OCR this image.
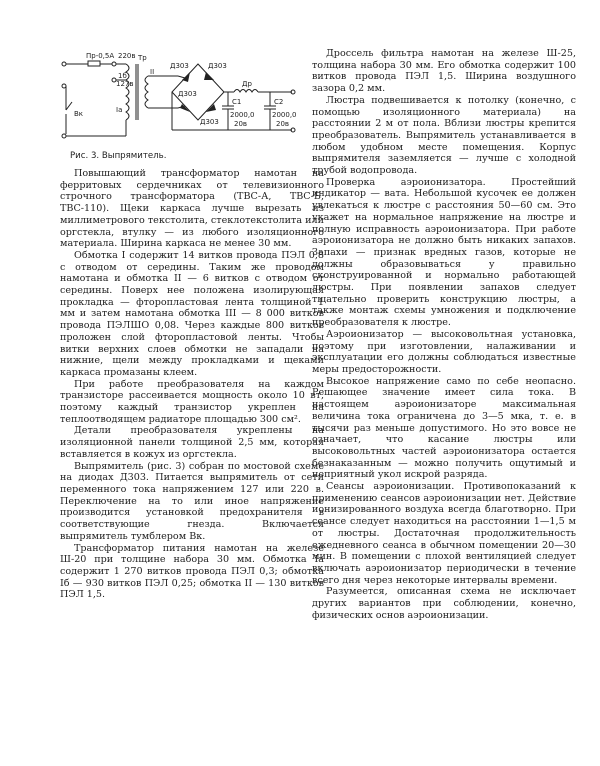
Пр-0,5А 220в
127в
Тр
1б
Iа
II
Вк
Д303	Д303
Д303
Д303
Др
C1
2000,0
20в
C2
2000,0
20в
Рис. 3. Выпрямитель.

Повышающий трансформатор намотан на ферритовых сердечниках от телевизионного строчного трансформатора (ТВС-А, ТВС-Б, ТВС-110). Щеки каркаса лучше вырезать из миллиметрового текстолита, стеклотекстолита или оргстекла, втулку — из любого изоляционного материала. Ширина каркаса не менее 30 мм.

Обмотка I содержит 14 витков провода ПЭЛ 0,8 с отводом от середины. Таким же проводом намотана и обмотка II — 6 витков с отводом от середины. Поверх нее положена изолирующая прокладка — фторопластовая лента толщиной 1 мм и затем намотана обмотка III — 8 000 витков провода ПЭЛШО 0,08. Через каждые 800 витков проложен слой фторопластовой ленты. Чтобы витки верхних слоев обмотки не западали на нижние, щели между прокладками и щеками каркаса промазаны клеем.

При работе преобразователя на каждом транзисторе рассеивается мощность около 10 вт, поэтому каждый транзистор укреплен на теплоотводящем радиаторе площадью 300 см².

Детали преобразователя укреплены на изоляционной панели толщиной 2,5 мм, которая вставляется в кожух из оргстекла.

Выпрямитель (рис. 3) собран по мостовой схеме на диодах Д303. Питается выпрямитель от сети переменного тока напряжением 127 или 220 в. Переключение на то или иное напряжение производится установкой предохранителя в соответствующие гнезда. Включается выпрямитель тумблером Вк.

Трансформатор питания намотан на железе Ш-20 при толщине набора 30 мм. Обмотка Iа содержит 1 270 витков провода ПЭЛ 0,3; обмотка Iб — 930 витков ПЭЛ 0,25; обмотка II — 130 витков ПЭЛ 1,5.

Дроссель фильтра намотан на железе Ш-25, толщина набора 30 мм. Его обмотка содержит 100 витков провода ПЭЛ 1,5. Ширина воздушного зазора 0,2 мм.

Люстра подвешивается к потолку (конечно, с помощью изоляционного материала) на расстоянии 2 м от пола. Вблизи люстры крепится преобразователь. Выпрямитель устанавливается в любом удобном месте помещения. Корпус выпрямителя заземляется — лучше с холодной трубой водопровода.

Проверка аэроионизатора. Простейший индикатор — вата. Небольшой кусочек ее должен увлекаться к люстре с расстояния 50—60 см. Это укажет на нормальное напряжение на люстре и полную исправность аэроионизатора. При работе аэроионизатора не должно быть никаких запахов. Запахи — признак вредных газов, которые не должны образовываться у правильно сконструированной и нормально работающей люстры. При появлении запахов следует тщательно проверить конструкцию люстры, а также монтаж схемы умножения и подключение преобразователя к люстре.

Аэроионизатор — высоковольтная установка, поэтому при изготовлении, налаживании и эксплуатации его должны соблюдаться известные меры предосторожности.

Высокое напряжение само по себе неопасно. Решающее значение имеет сила тока. В настоящем аэроионизаторе максимальная величина тока ограничена до 3—5 мка, т. е. в тысячи раз меньше допустимого. Но это вовсе не означает, что касание люстры или высоковольтных частей аэроионизатора остается безнаказанным — можно получить ощутимый и неприятный укол искрой разряда.

Сеансы аэроионизации. Противопоказаний к применению сеансов аэроионизации нет. Действие ионизированного воздуха всегда благотворно. При сеансе следует находиться на расстоянии 1—1,5 м от люстры. Достаточная продолжительность ежедневного сеанса в обычном помещении 20—30 мин. В помещении с плохой вентиляцией следует включать аэроионизатор периодически в течение всего дня через некоторые интервалы времени.

Разумеется, описанная схема не исключает других вариантов при соблюдении, конечно, физических основ аэроионизации.
